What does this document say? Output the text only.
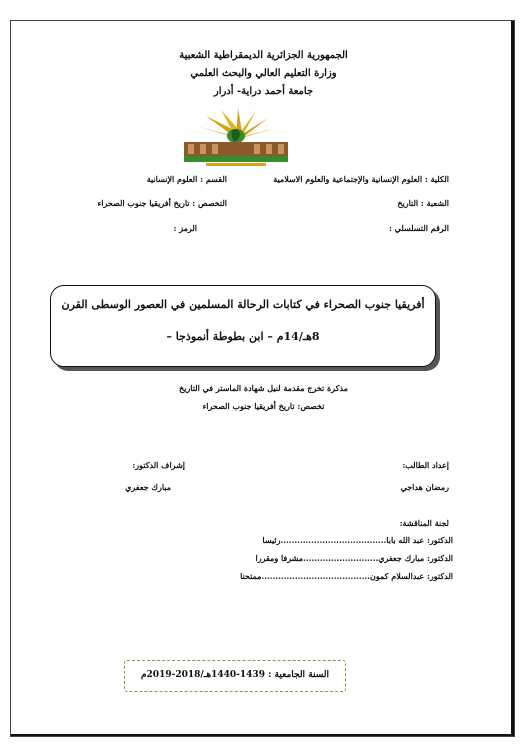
الجمهورية الجزائرية الديمقراطية الشعبية
وزارة التعليم العالي والبحث العلمي
جامعة أحمد دراية- أدرار
الكلية : العلوم الإنسانية والإجتماعية والعلوم الاسلامية
القسم : العلوم الإنسانية
الشعبة : التاريخ
التخصص : تاريخ أفريقيا جنوب الصحراء
الرقم التسلسلي :
الرمز :
أفريقيا جنوب الصحراء في كتابات الرحالة المسلمين في العصور الوسطى القرن
8هـ/14م – ابن بطوطة أنموذجا –
مذكرة تخرج مقدمة لنيل شهادة الماستر في التاريخ
تخصص: تاريخ أفريقيا جنوب الصحراء
إعداد الطالب:
رمضان هداجي
إشراف الدكتور:
مبارك جعفري
لجنة المناقشة:
الدكتور: عبد الله بابا......................................رئيسا
الدكتور: مبارك جعفري...........................مشرفا ومقررا
الدكتور: عبدالسلام كمون.......................................ممتحنا
السنة الجامعية : 1439-1440هـ/2018-2019م
